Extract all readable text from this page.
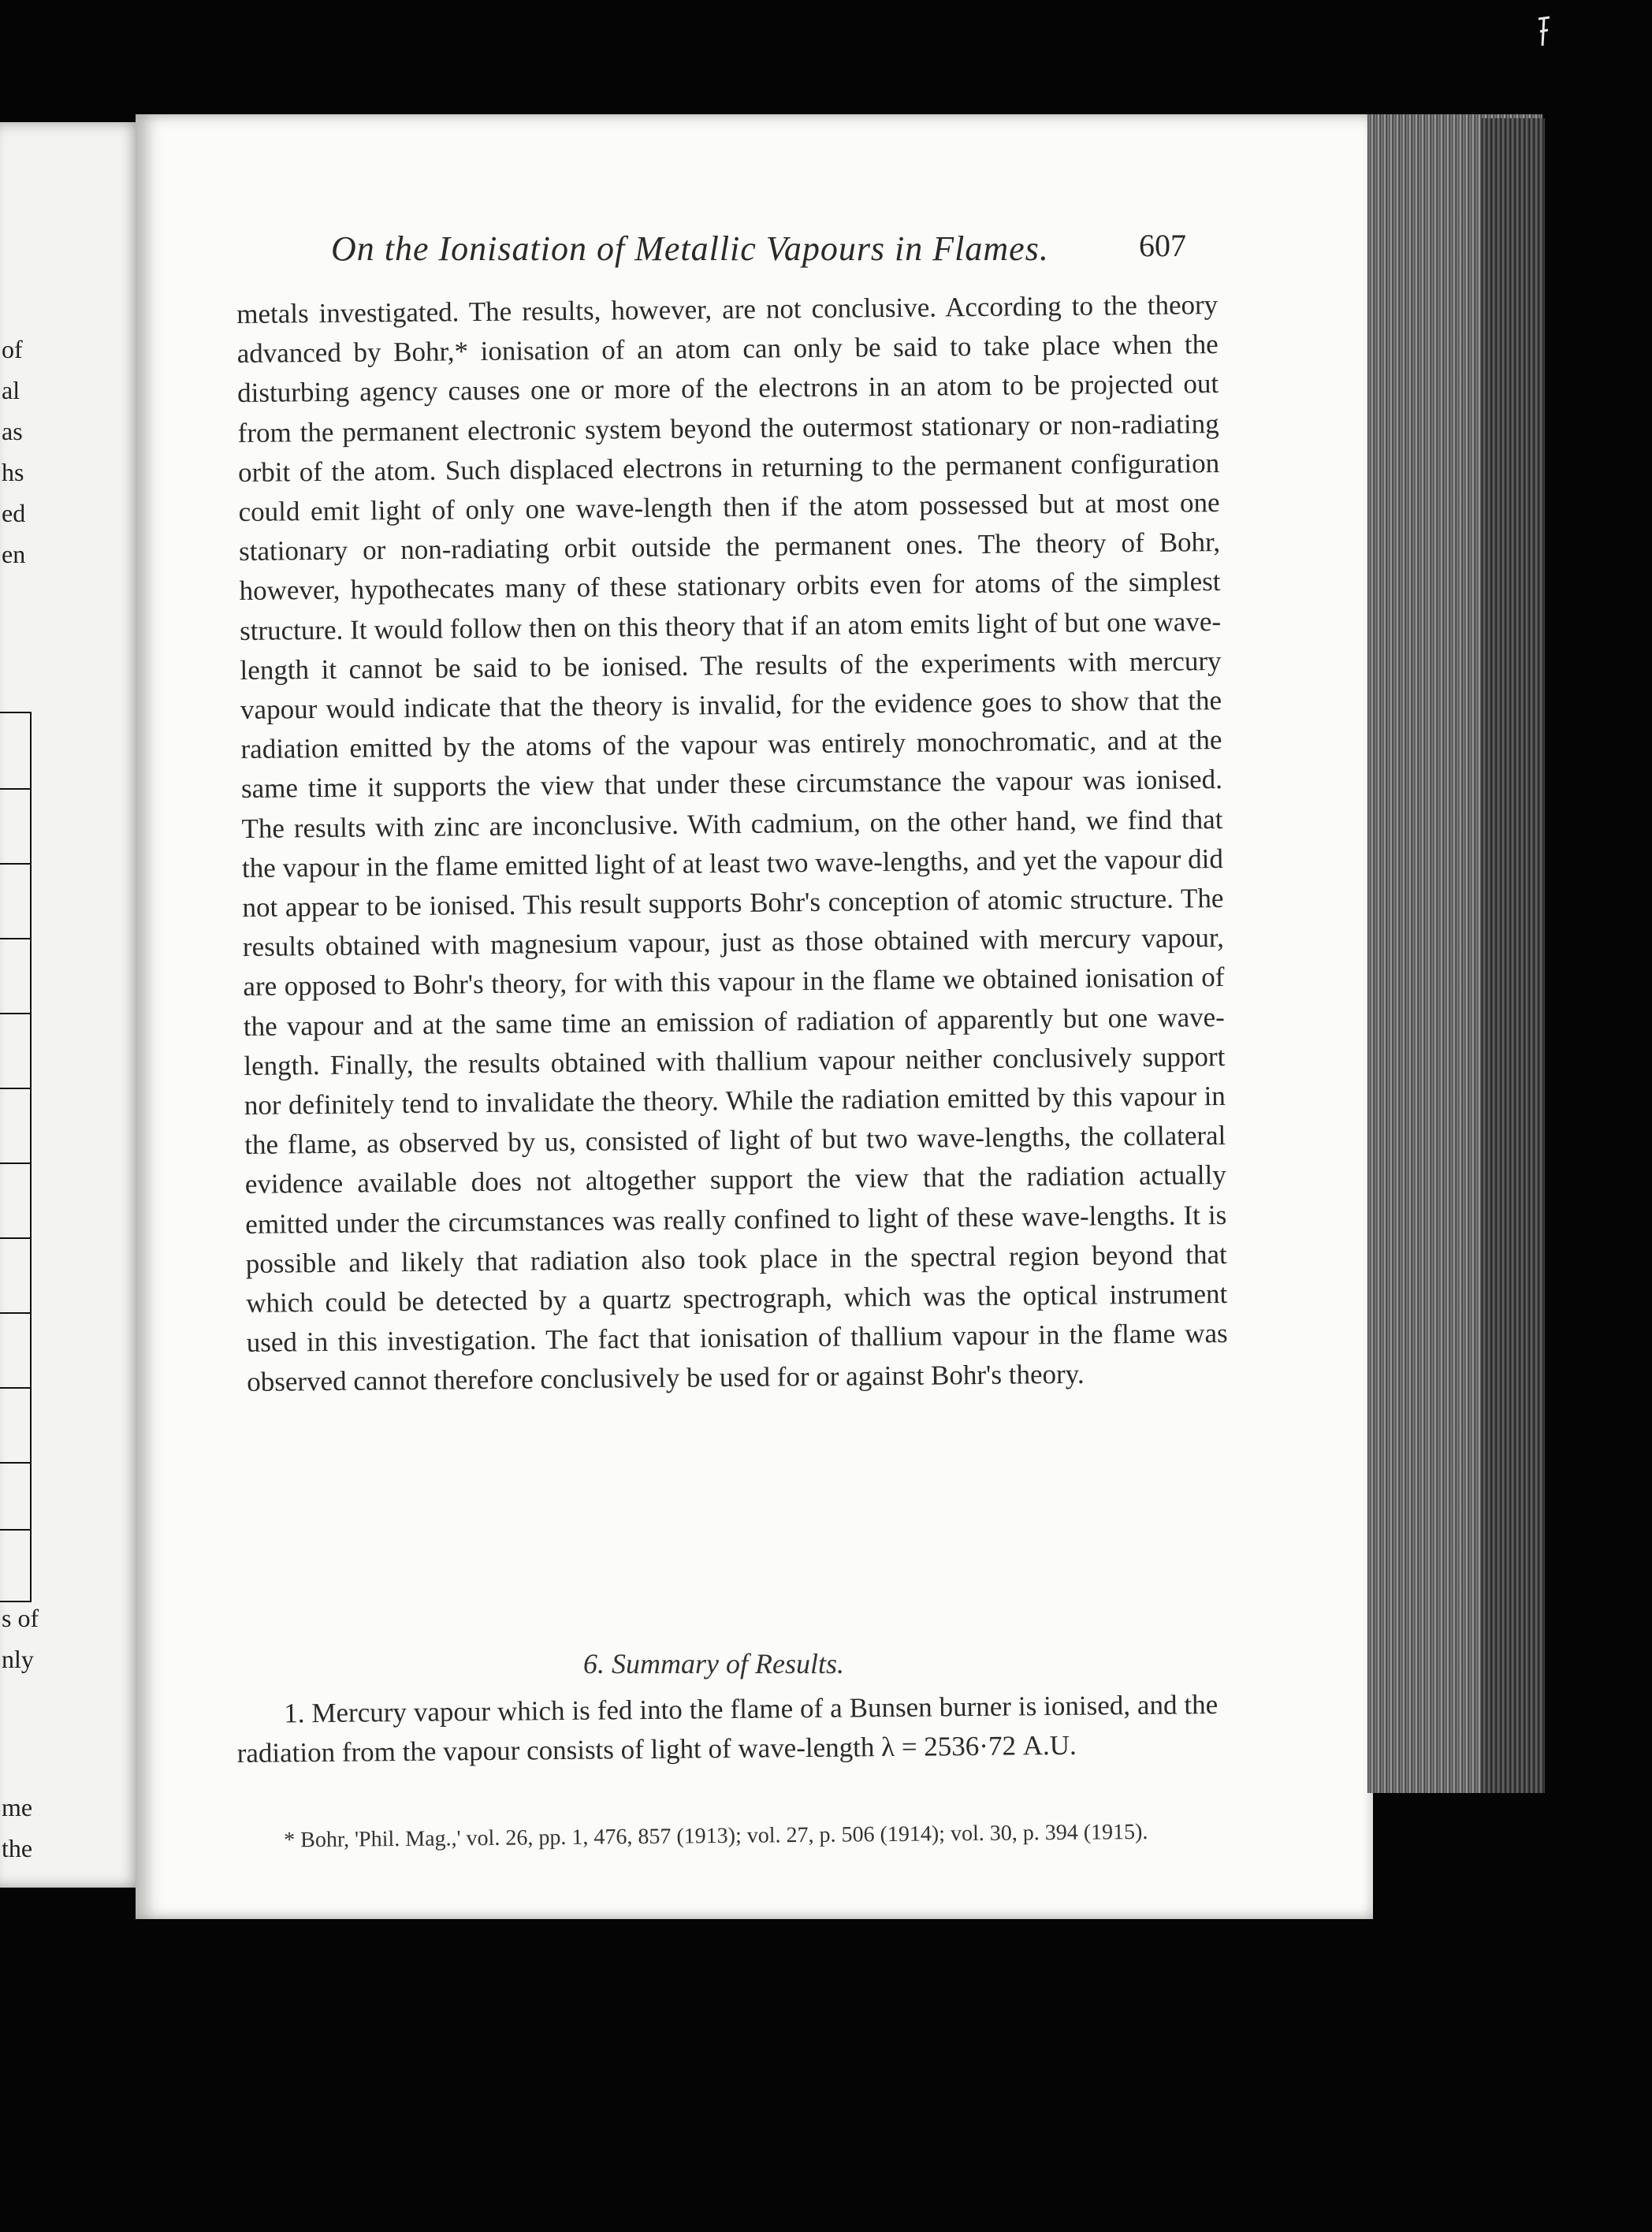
of
al
as
hs
ed
en
s of
nly
me
the
On the Ionisation of Metallic Vapours in Flames.	607

metals investigated. The results, however, are not conclusive. According to the theory advanced by Bohr,* ionisation of an atom can only be said to take place when the disturbing agency causes one or more of the electrons in an atom to be projected out from the permanent electronic system beyond the outermost stationary or non-radiating orbit of the atom. Such displaced electrons in returning to the permanent configuration could emit light of only one wave-length then if the atom possessed but at most one stationary or non-radiating orbit outside the permanent ones. The theory of Bohr, however, hypothecates many of these stationary orbits even for atoms of the simplest structure. It would follow then on this theory that if an atom emits light of but one wave-length it cannot be said to be ionised. The results of the experiments with mercury vapour would indicate that the theory is invalid, for the evidence goes to show that the radiation emitted by the atoms of the vapour was entirely monochromatic, and at the same time it supports the view that under these circumstance the vapour was ionised. The results with zinc are inconclusive. With cadmium, on the other hand, we find that the vapour in the flame emitted light of at least two wave-lengths, and yet the vapour did not appear to be ionised. This result supports Bohr's conception of atomic structure. The results obtained with magnesium vapour, just as those obtained with mercury vapour, are opposed to Bohr's theory, for with this vapour in the flame we obtained ionisation of the vapour and at the same time an emission of radiation of apparently but one wave-length. Finally, the results obtained with thallium vapour neither conclusively support nor definitely tend to invalidate the theory. While the radiation emitted by this vapour in the flame, as observed by us, consisted of light of but two wave-lengths, the collateral evidence available does not altogether support the view that the radiation actually emitted under the circumstances was really confined to light of these wave-lengths. It is possible and likely that radiation also took place in the spectral region beyond that which could be detected by a quartz spectrograph, which was the optical instrument used in this investigation. The fact that ionisation of thallium vapour in the flame was observed cannot therefore conclusively be used for or against Bohr's theory.

6. Summary of Results.

1. Mercury vapour which is fed into the flame of a Bunsen burner is ionised, and the radiation from the vapour consists of light of wave-length λ = 2536·72 A.U.

* Bohr, 'Phil. Mag.,' vol. 26, pp. 1, 476, 857 (1913); vol. 27, p. 506 (1914); vol. 30, p. 394 (1915).
